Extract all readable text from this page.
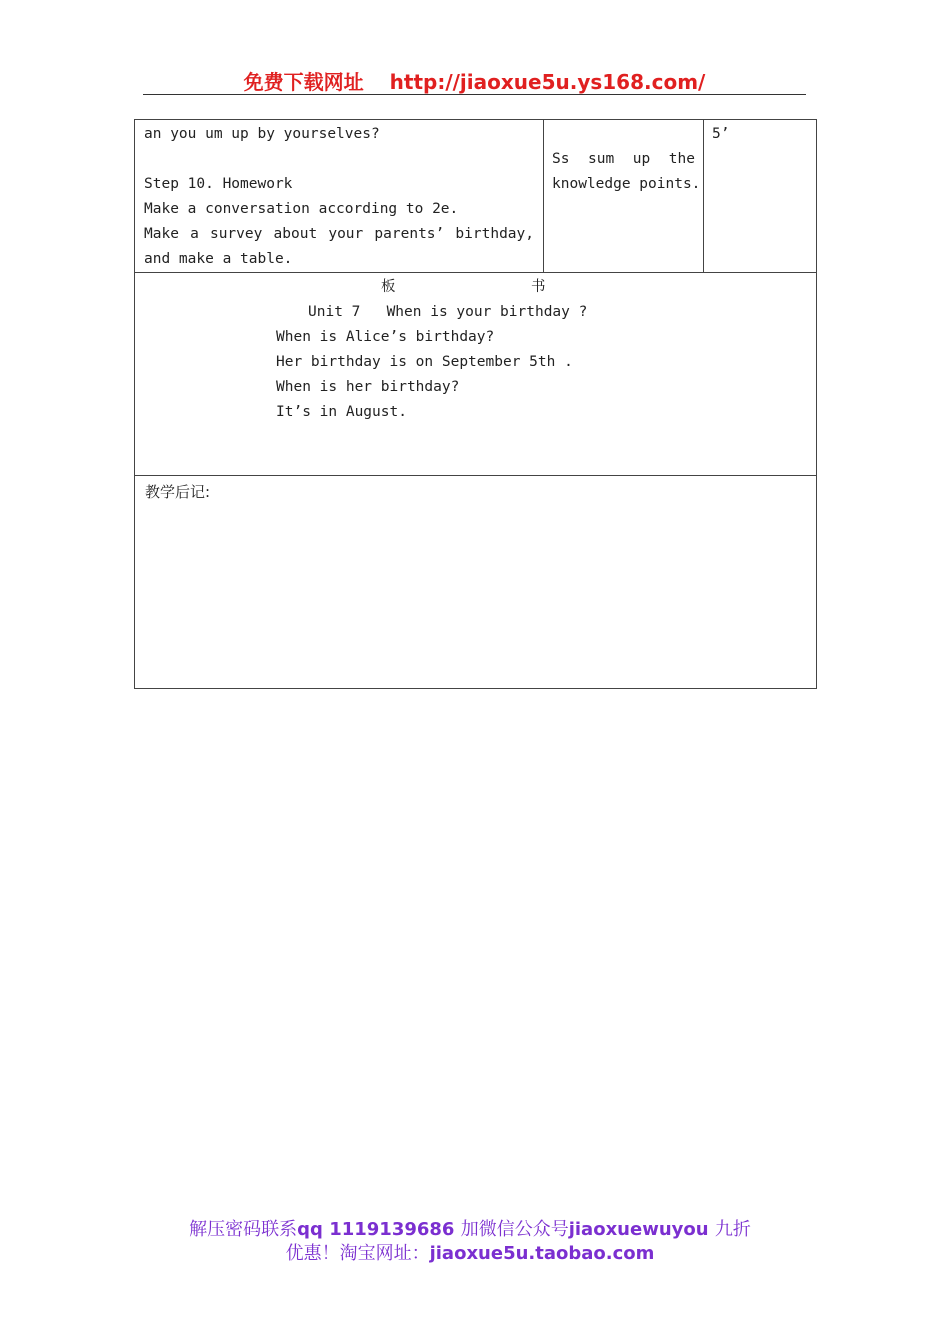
免费下载网址 http://jiaoxue5u.ys168.com/
an you um up by yourselves?
Step 10. Homework
Make a conversation according to 2e.
Make a survey about your parents’ birthday,
and make a table.

Ss sum up the
knowledge points.

5’

板	书
Unit 7   When is your birthday ?
When is Alice’s birthday?
Her birthday is on September 5th .
When is her birthday?
It’s in August.

教学后记:
解压密码联系qq 1119139686 加微信公众号jiaoxuewuyou 九折
优惠！淘宝网址：jiaoxue5u.taobao.com
